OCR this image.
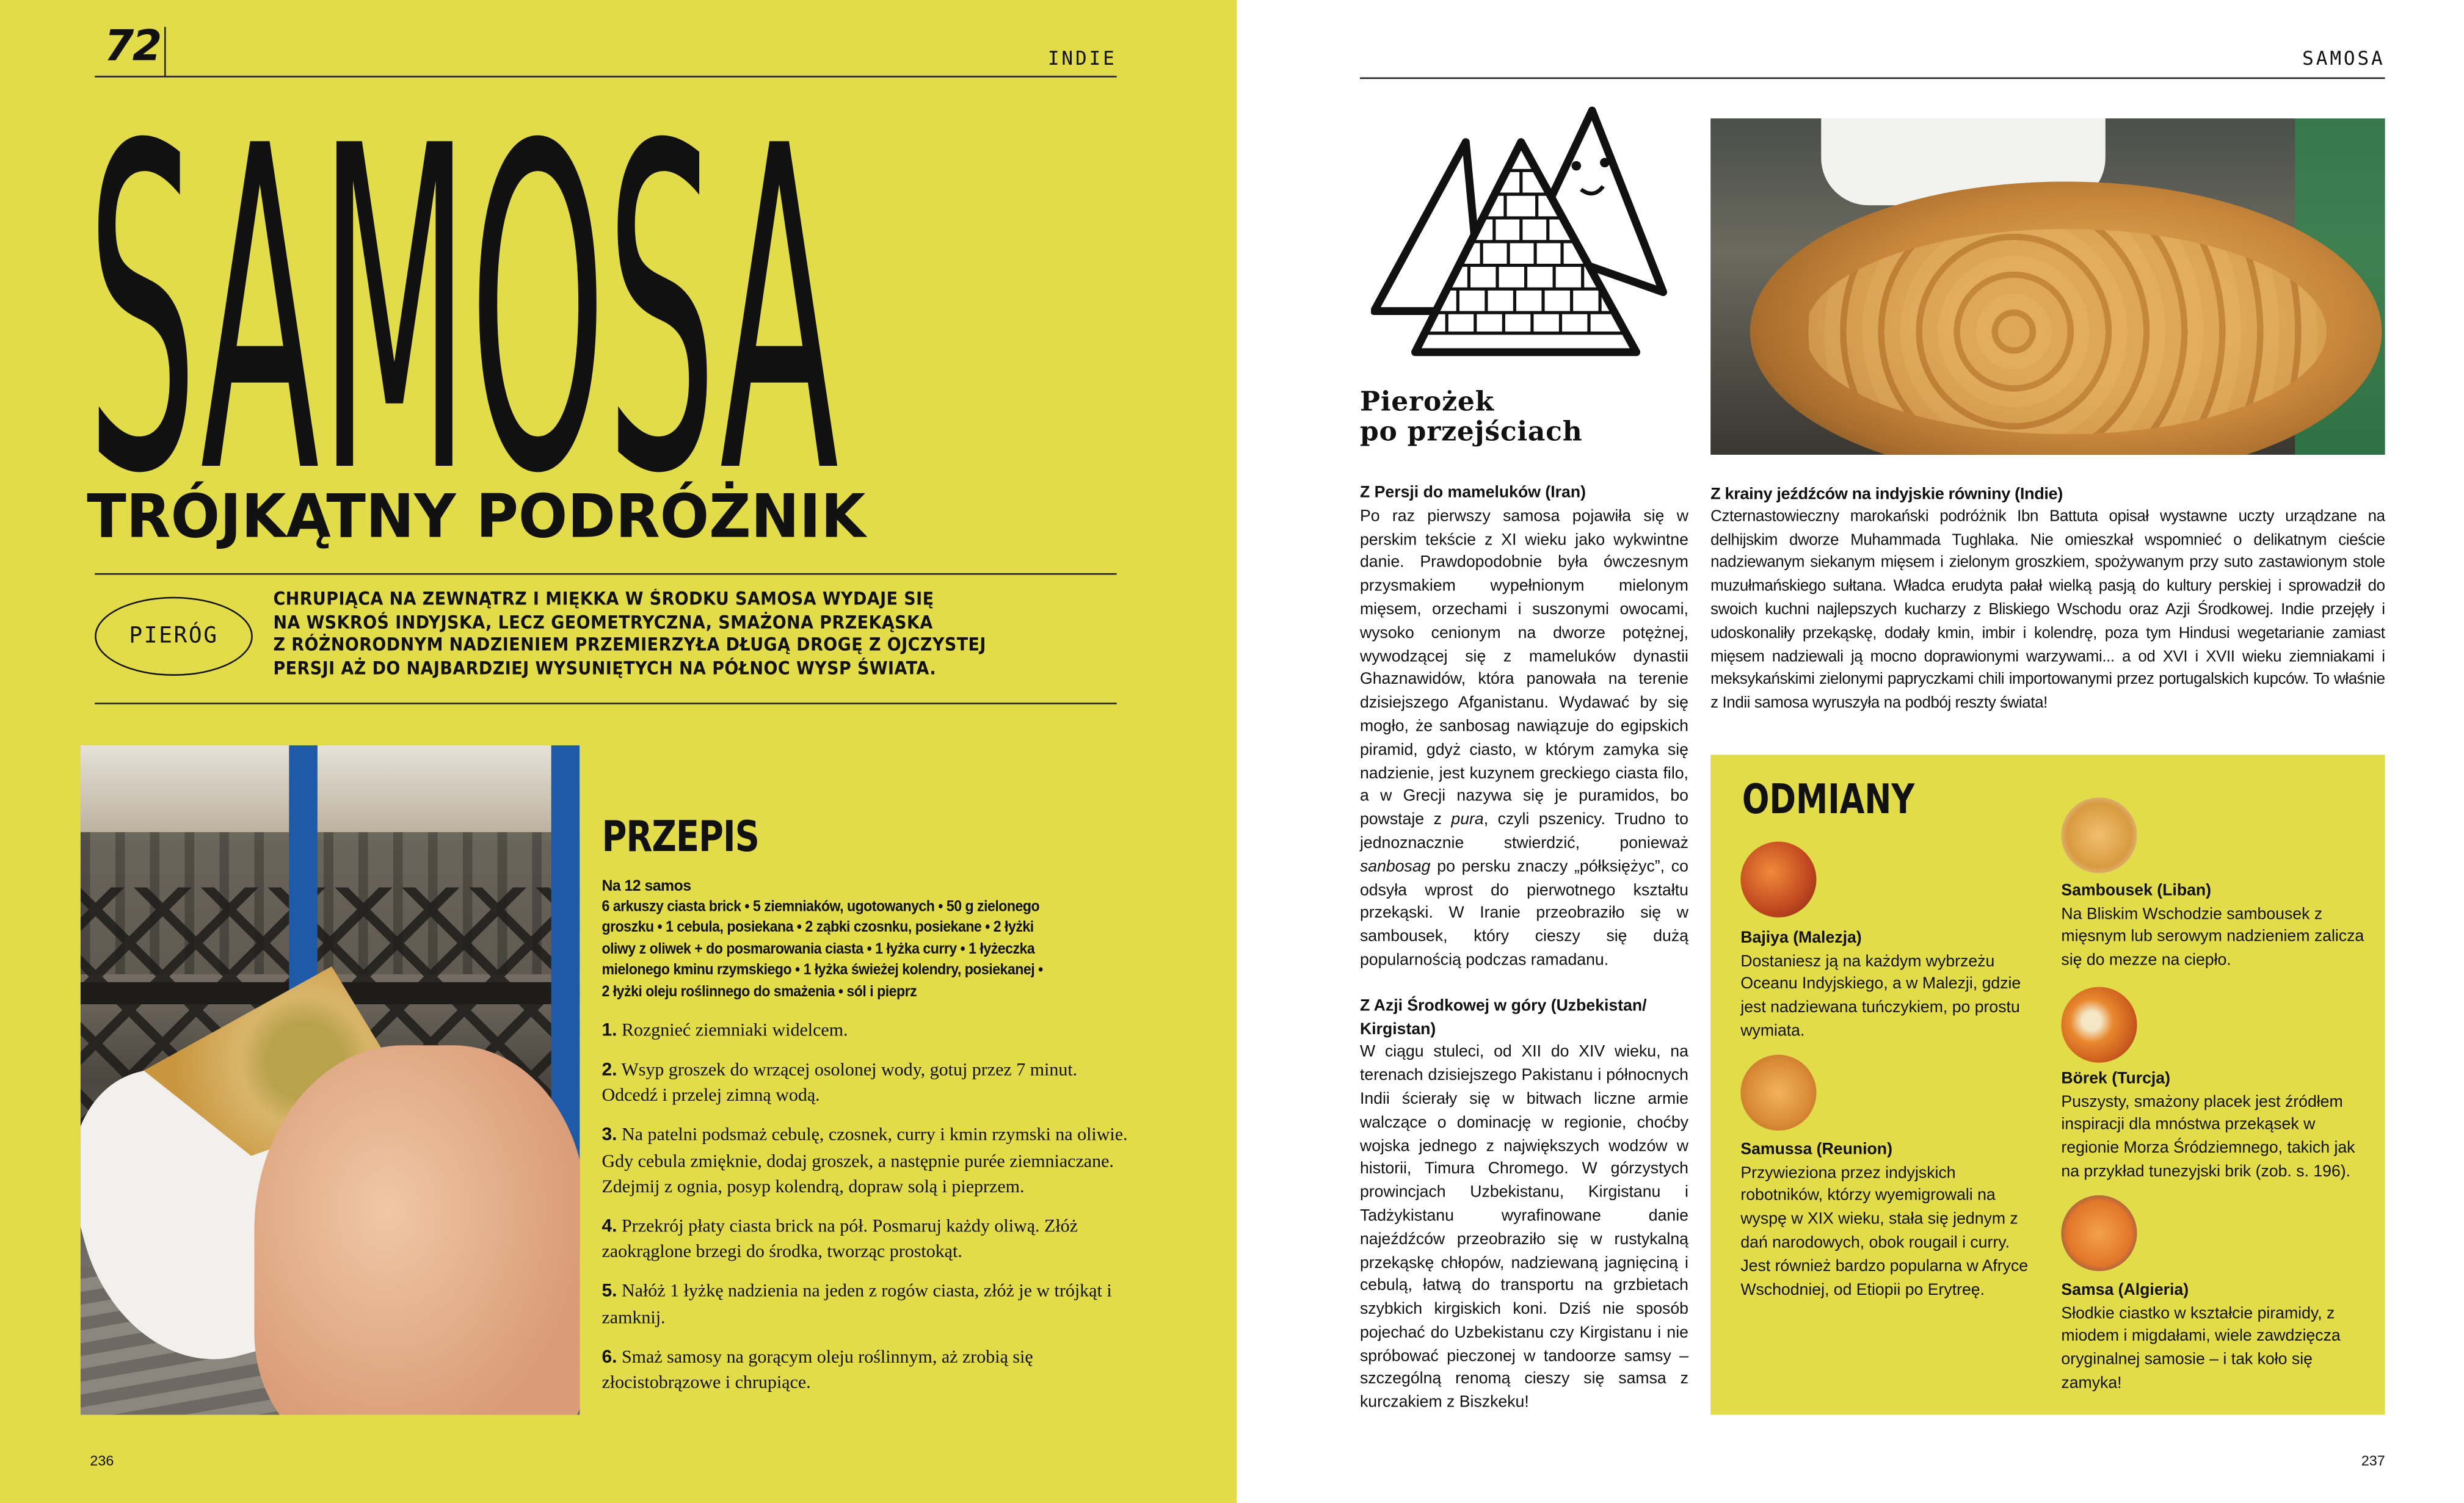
72	INDIE
SAMOSA
TRÓJKĄTNY PODRÓŻNIK
PIERÓG
CHRUPIĄCA NA ZEWNĄTRZ I MIĘKKA W ŚRODKU SAMOSA WYDAJE SIĘ
NA WSKROŚ INDYJSKA, LECZ GEOMETRYCZNA, SMAŻONA PRZEKĄSKA
Z RÓŻNORODNYM NADZIENIEM PRZEMIERZYŁA DŁUGĄ DROGĘ Z OJCZYSTEJ
PERSJI AŻ DO NAJBARDZIEJ WYSUNIĘTYCH NA PÓŁNOC WYSP ŚWIATA.
PRZEPIS
Na 12 samos
6 arkuszy ciasta brick • 5 ziemniaków, ugotowanych • 50 g zielonego
groszku • 1 cebula, posiekana • 2 ząbki czosnku, posiekane • 2 łyżki
oliwy z oliwek + do posmarowania ciasta • 1 łyżka curry • 1 łyżeczka
mielonego kminu rzymskiego • 1 łyżka świeżej kolendry, posiekanej •
2 łyżki oleju roślinnego do smażenia • sól i pieprz
1. Rozgnieć ziemniaki widelcem.
2. Wsyp groszek do wrzącej osolonej wody, gotuj przez 7 minut. Odcedź i przelej zimną wodą.
3. Na patelni podsmaż cebulę, czosnek, curry i kmin rzymski na oliwie. Gdy cebula zmięknie, dodaj groszek, a następnie purée ziemniaczane. Zdejmij z ognia, posyp kolendrą, dopraw solą i pieprzem.
4. Przekrój płaty ciasta brick na pół. Posmaruj każdy oliwą. Złóż zaokrąglone brzegi do środka, tworząc prostokąt.
5. Nałóż 1 łyżkę nadzienia na jeden z rogów ciasta, złóż je w trójkąt i zamknij.
6. Smaż samosy na gorącym oleju roślinnym, aż zrobią się złocistobrązowe i chrupiące.
236
SAMOSA
Pierożek
po przejściach
Z Persji do mameluków (Iran)

Po raz pierwszy samosa pojawiła się w perskim tekście z XI wieku jako wykwintne danie. Prawdopodobnie była ówczesnym przysmakiem wypełnionym mielonym mięsem, orzechami i suszonymi owocami, wysoko cenionym na dworze potężnej, wywodzącej się z mameluków dynastii Ghaznawidów, która panowała na terenie dzisiejszego Afganistanu. Wydawać by się mogło, że sanbosag nawiązuje do egipskich piramid, gdyż ciasto, w którym zamyka się nadzienie, jest kuzynem greckiego ciasta filo, a w Grecji nazywa się je puramidos, bo powstaje z pura, czyli pszenicy. Trudno to jednoznacznie stwierdzić, ponieważ sanbosag po persku znaczy „półksiężyc”, co odsyła wprost do pierwotnego kształtu przekąski. W Iranie przeobraziło się w sambousek, który cieszy się dużą popularnością podczas ramadanu.

Z Azji Środkowej w góry (Uzbekistan/ Kirgistan)

W ciągu stuleci, od XII do XIV wieku, na terenach dzisiejszego Pakistanu i północnych Indii ścierały się w bitwach liczne armie walczące o dominację w regionie, choćby wojska jednego z największych wodzów w historii, Timura Chromego. W górzystych prowincjach Uzbekistanu, Kirgistanu i Tadżykistanu wyrafinowane danie najeźdźców przeobraziło się w rustykalną przekąskę chłopów, nadziewaną jagnięciną i cebulą, łatwą do transportu na grzbietach szybkich kirgiskich koni. Dziś nie sposób pojechać do Uzbekistanu czy Kirgistanu i nie spróbować pieczonej w tandoorze samsy – szczególną renomą cieszy się samsa z kurczakiem z Biszkeku!

Z krainy jeźdźców na indyjskie równiny (Indie)

Czternastowieczny marokański podróżnik Ibn Battuta opisał wystawne uczty urządzane na delhijskim dworze Muhammada Tughlaka. Nie omieszkał wspomnieć o delikatnym cieście nadziewanym siekanym mięsem i zielonym groszkiem, spożywanym przy suto zastawionym stole muzułmańskiego sułtana. Władca erudyta pałał wielką pasją do kultury perskiej i sprowadził do swoich kuchni najlepszych kucharzy z Bliskiego Wschodu oraz Azji Środkowej. Indie przejęły i udoskonaliły przekąskę, dodały kmin, imbir i kolendrę, poza tym Hindusi wegetarianie zamiast mięsem nadziewali ją mocno doprawionymi warzywami... a od XVI i XVII wieku ziemniakami i meksykańskimi zielonymi papryczkami chili importowanymi przez portugalskich kupców. To właśnie z Indii samosa wyruszyła na podbój reszty świata!

ODMIANY
Bajiya (Malezja)
Dostaniesz ją na każdym wybrzeżu Oceanu Indyjskiego, a w Malezji, gdzie jest nadziewana tuńczykiem, po prostu wymiata.
Samussa (Reunion)
Przywieziona przez indyjskich robotników, którzy wyemigrowali na wyspę w XIX wieku, stała się jednym z dań narodowych, obok rougail i curry. Jest również bardzo popularna w Afryce Wschodniej, od Etiopii po Erytreę.
Sambousek (Liban)
Na Bliskim Wschodzie sambousek z mięsnym lub serowym nadzieniem zalicza się do mezze na ciepło.
Börek (Turcja)
Puszysty, smażony placek jest źródłem inspiracji dla mnóstwa przekąsek w regionie Morza Śródziemnego, takich jak na przykład tunezyjski brik (zob. s. 196).
Samsa (Algieria)
Słodkie ciastko w kształcie piramidy, z miodem i migdałami, wiele zawdzięcza oryginalnej samosie – i tak koło się zamyka!
237
